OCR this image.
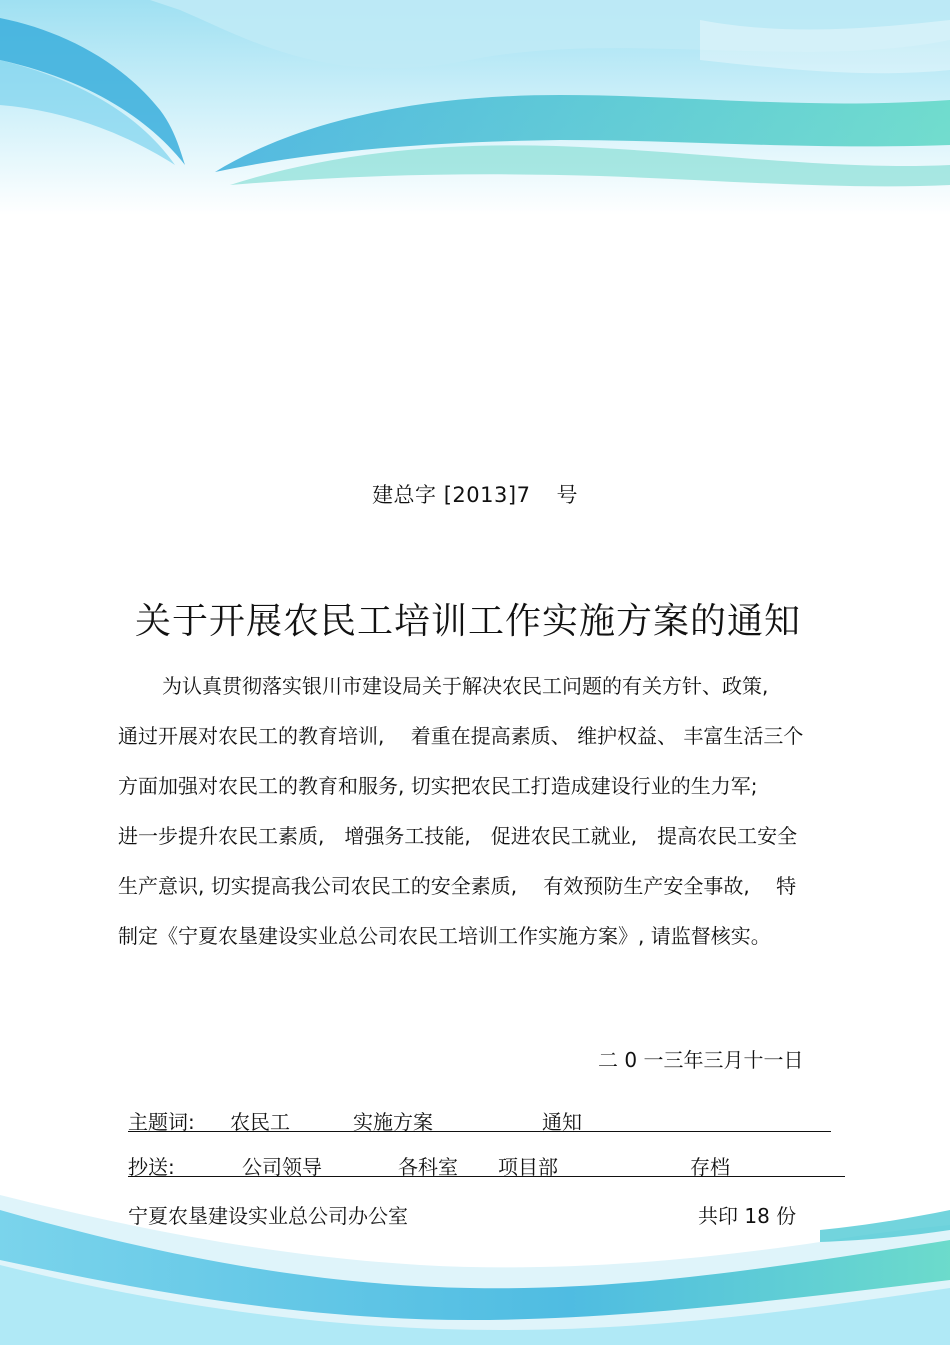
建总字 [2013]7 号
关于开展农民工培训工作实施方案的通知
为认真贯彻落实银川市建设局关于解决农民工问题的有关方针、政策,
通过开展对农民工的教育培训,　 着重在提高素质、 维护权益、 丰富生活三个
方面加强对农民工的教育和服务, 切实把农民工打造成建设行业的生力军;
进一步提升农民工素质,　增强务工技能,　促进农民工就业,　提高农民工安全
生产意识, 切实提高我公司农民工的安全素质,　 有效预防生产安全事故,　 特
制定《宁夏农垦建设实业总公司农民工培训工作实施方案》, 请监督核实。
二 0 一三年三月十一日
主题词: 农民工	实施方案	通知
抄送:	公司领导	各科室 项目部	存档
宁夏农垦建设实业总公司办公室	共印 18 份
